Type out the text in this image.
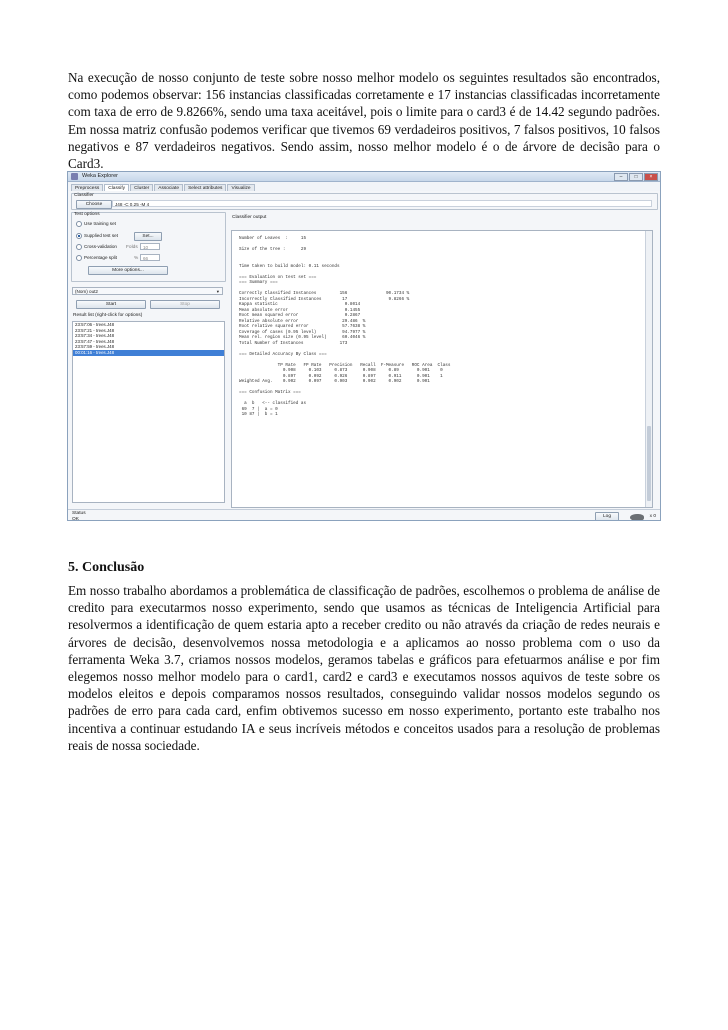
Na execução de nosso conjunto de teste sobre nosso melhor modelo os seguintes resultados são encontrados, como podemos observar: 156 instancias classificadas corretamente e 17 instancias classificadas incorretamente com taxa de erro de 9.8266%, sendo uma taxa aceitável, pois o limite para o card3 é de 14.42 segundo padrões. Em nossa matriz confusão podemos verificar que tivemos 69 verdadeiros positivos, 7 falsos positivos, 10 falsos negativos e 87 verdadeiros negativos. Sendo assim, nosso melhor modelo é o de árvore de decisão para o Card3.

Weka Explorer	–	□	×
Preprocess	Classify	Cluster	Associate	Select attributes	Visualize
Classifier
Choose	J48 -C 0.25 -M 4
Test options
Use training set
Supplied test set	Set...
Cross-validation Folds	10
Percentage split	%	66
More options...
(Nom) out2	▾
Start	Stop
Result list (right-click for options)
23:57:06 - trees.J48
23:57:21 - trees.J48
23:57:34 - trees.J48
23:57:47 - trees.J48
23:57:59 - trees.J48
00:01:16 - trees.J48
Classifier output
Number of Leaves  :     15

Size of the tree :      29

Time taken to build model: 0.11 seconds

=== Evaluation on test set ===
=== Summary ===

Correctly Classified Instances         156               90.1734 %
Incorrectly Classified Instances        17                9.8266 %
Kappa statistic                          0.8014
Mean absolute error                      0.1455
Root mean squared error                  0.2867
Relative absolute error                 29.486  %
Root relative squared error             57.7638 %
Coverage of cases (0.95 level)          94.7977 %
Mean rel. region size (0.95 level)      60.4046 %
Total Number of Instances              173

=== Detailed Accuracy By Class ===

TP Rate   FP Rate   Precision   Recall  F-Measure   ROC Area  Class
0.908     0.103     0.873      0.908     0.89       0.901    0
0.897     0.092     0.926      0.897     0.911      0.901    1
Weighted Avg.    0.902     0.097     0.903      0.902     0.902      0.901

=== Confusion Matrix ===

a  b   <-- classified as
69  7 |  a = 0
10 87 |  b = 1
Status
OK
Log	x 0
5. Conclusão

Em nosso trabalho abordamos a problemática de classificação de padrões, escolhemos o problema de análise de credito para executarmos nosso experimento, sendo que usamos as técnicas de Inteligencia Artificial para resolvermos a identificação de quem estaria apto a receber credito ou não através da criação de redes neurais e árvores de decisão, desenvolvemos nossa metodologia e a aplicamos ao nosso problema com o uso da ferramenta Weka 3.7, criamos nossos modelos, geramos tabelas e gráficos para efetuarmos análise e por fim elegemos nosso melhor modelo para o card1, card2 e card3 e executamos nossos aquivos de teste sobre os modelos eleitos e depois comparamos nossos resultados, conseguindo validar nossos modelos segundo os padrões de erro para cada card, enfim obtivemos sucesso em nosso experimento, portanto este trabalho nos incentiva a continuar estudando IA e seus incríveis métodos e conceitos usados para a resolução de problemas reais de nossa sociedade.
